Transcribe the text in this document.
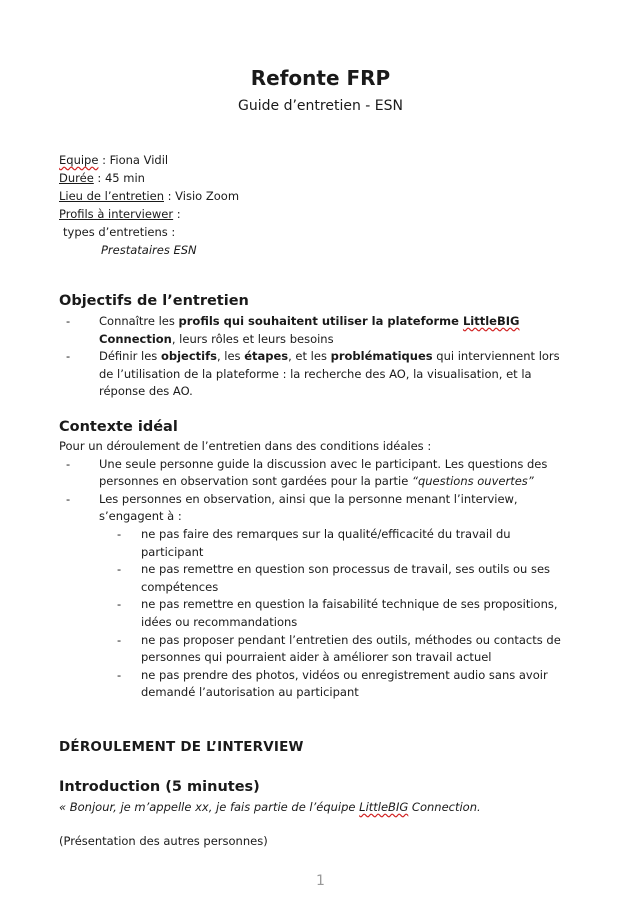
Refonte FRP
Guide d’entretien - ESN
Equipe : Fiona Vidil
Durée : 45 min
Lieu de l’entretien : Visio Zoom
Profils à interviewer :
types d’entretiens :
Prestataires ESN
Objectifs de l’entretien
-	Connaître les profils qui souhaitent utiliser la plateforme LittleBIG Connection, leurs rôles et leurs besoins
-	Définir les objectifs, les étapes, et les problématiques qui interviennent lors de l’utilisation de la plateforme : la recherche des AO, la visualisation, et la réponse des AO.
Contexte idéal
Pour un déroulement de l’entretien dans des conditions idéales :
-	Une seule personne guide la discussion avec le participant. Les questions des personnes en observation sont gardées pour la partie “questions ouvertes”
-	Les personnes en observation, ainsi que la personne menant l’interview, s’engagent à :
- ne pas faire des remarques sur la qualité/efficacité du travail du participant
- ne pas remettre en question son processus de travail, ses outils ou ses compétences
- ne pas remettre en question la faisabilité technique de ses propositions, idées ou recommandations
- ne pas proposer pendant l’entretien des outils, méthodes ou contacts de personnes qui pourraient aider à améliorer son travail actuel
- ne pas prendre des photos, vidéos ou enregistrement audio sans avoir demandé l’autorisation au participant
DÉROULEMENT DE L’INTERVIEW
Introduction (5 minutes)
« Bonjour, je m’appelle xx, je fais partie de l’équipe LittleBIG Connection.
(Présentation des autres personnes)
1
